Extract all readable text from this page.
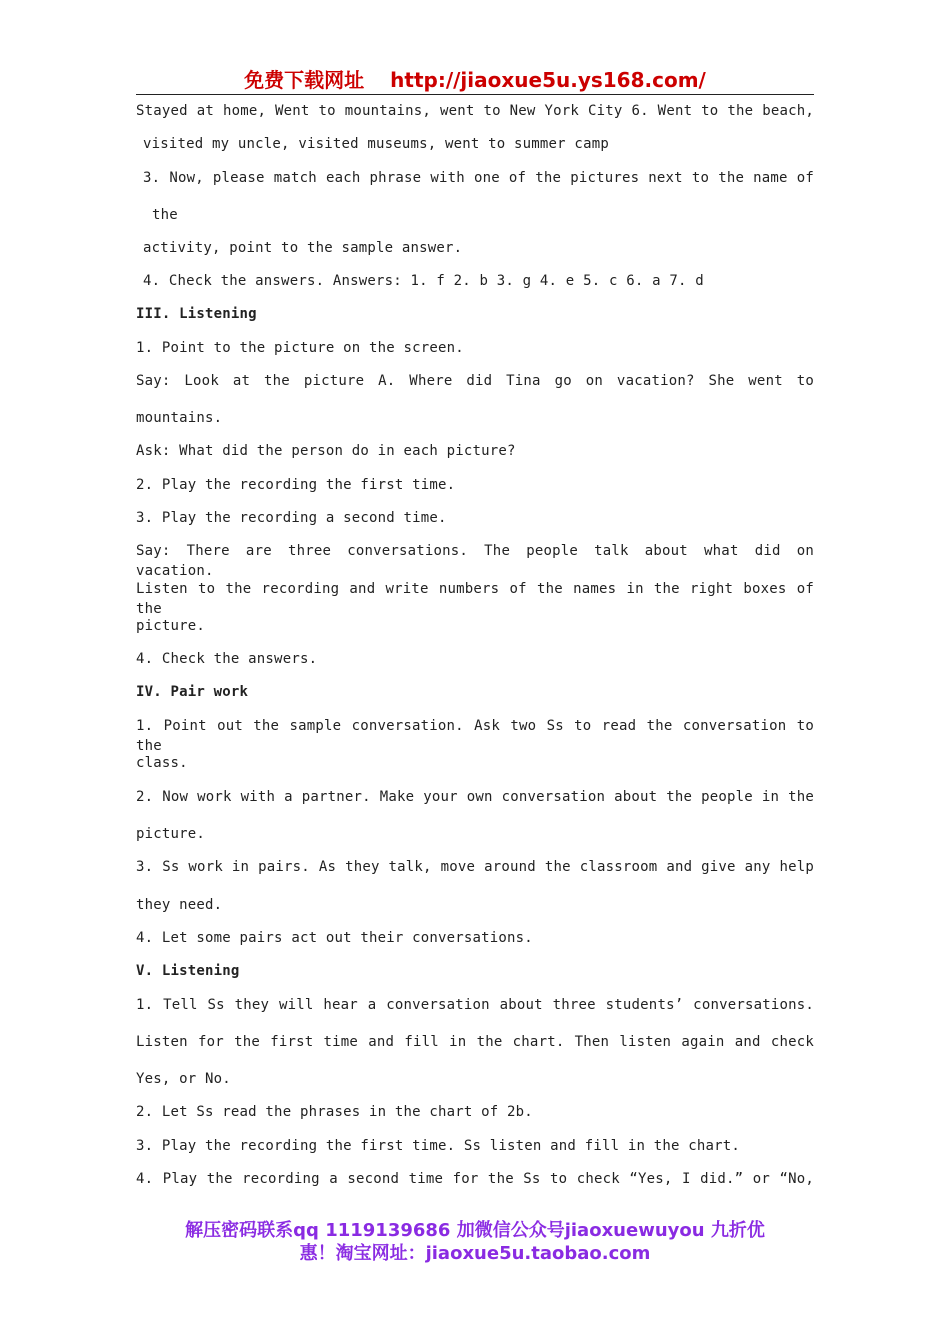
免费下载网址 http://jiaoxue5u.ys168.com/
Stayed at home, Went to mountains, went to New York City 6. Went to the beach,
visited my uncle, visited museums, went to summer camp
3. Now, please match each phrase with one of the pictures next to the name of
the
activity, point to the sample answer.
4. Check the answers. Answers: 1. f 2. b 3. g 4. e 5. c 6. a 7. d
III. Listening
1. Point to the picture on the screen.
Say: Look at the picture A. Where did Tina go on vacation? She went to
mountains.
Ask: What did the person do in each picture?
2. Play the recording the first time.
3. Play the recording a second time.
Say: There are three conversations. The people talk about what did on vacation.
Listen to the recording and write numbers of the names in the right boxes of the
picture.
4. Check the answers.
IV. Pair work
1. Point out the sample conversation. Ask two Ss to read the conversation to the
class.
2. Now work with a partner. Make your own conversation about the people in the
picture.
3. Ss work in pairs. As they talk, move around the classroom and give any help
they need.
4. Let some pairs act out their conversations.
V. Listening
1. Tell Ss they will hear a conversation about three students’ conversations.
Listen for the first time and fill in the chart. Then listen again and check
Yes, or No.
2. Let Ss read the phrases in the chart of 2b.
3. Play the recording the first time. Ss listen and fill in the chart.
4. Play the recording a second time for the Ss to check “Yes, I did.” or “No,
解压密码联系qq 1119139686 加微信公众号jiaoxuewuyou 九折优
惠！淘宝网址：jiaoxue5u.taobao.com
